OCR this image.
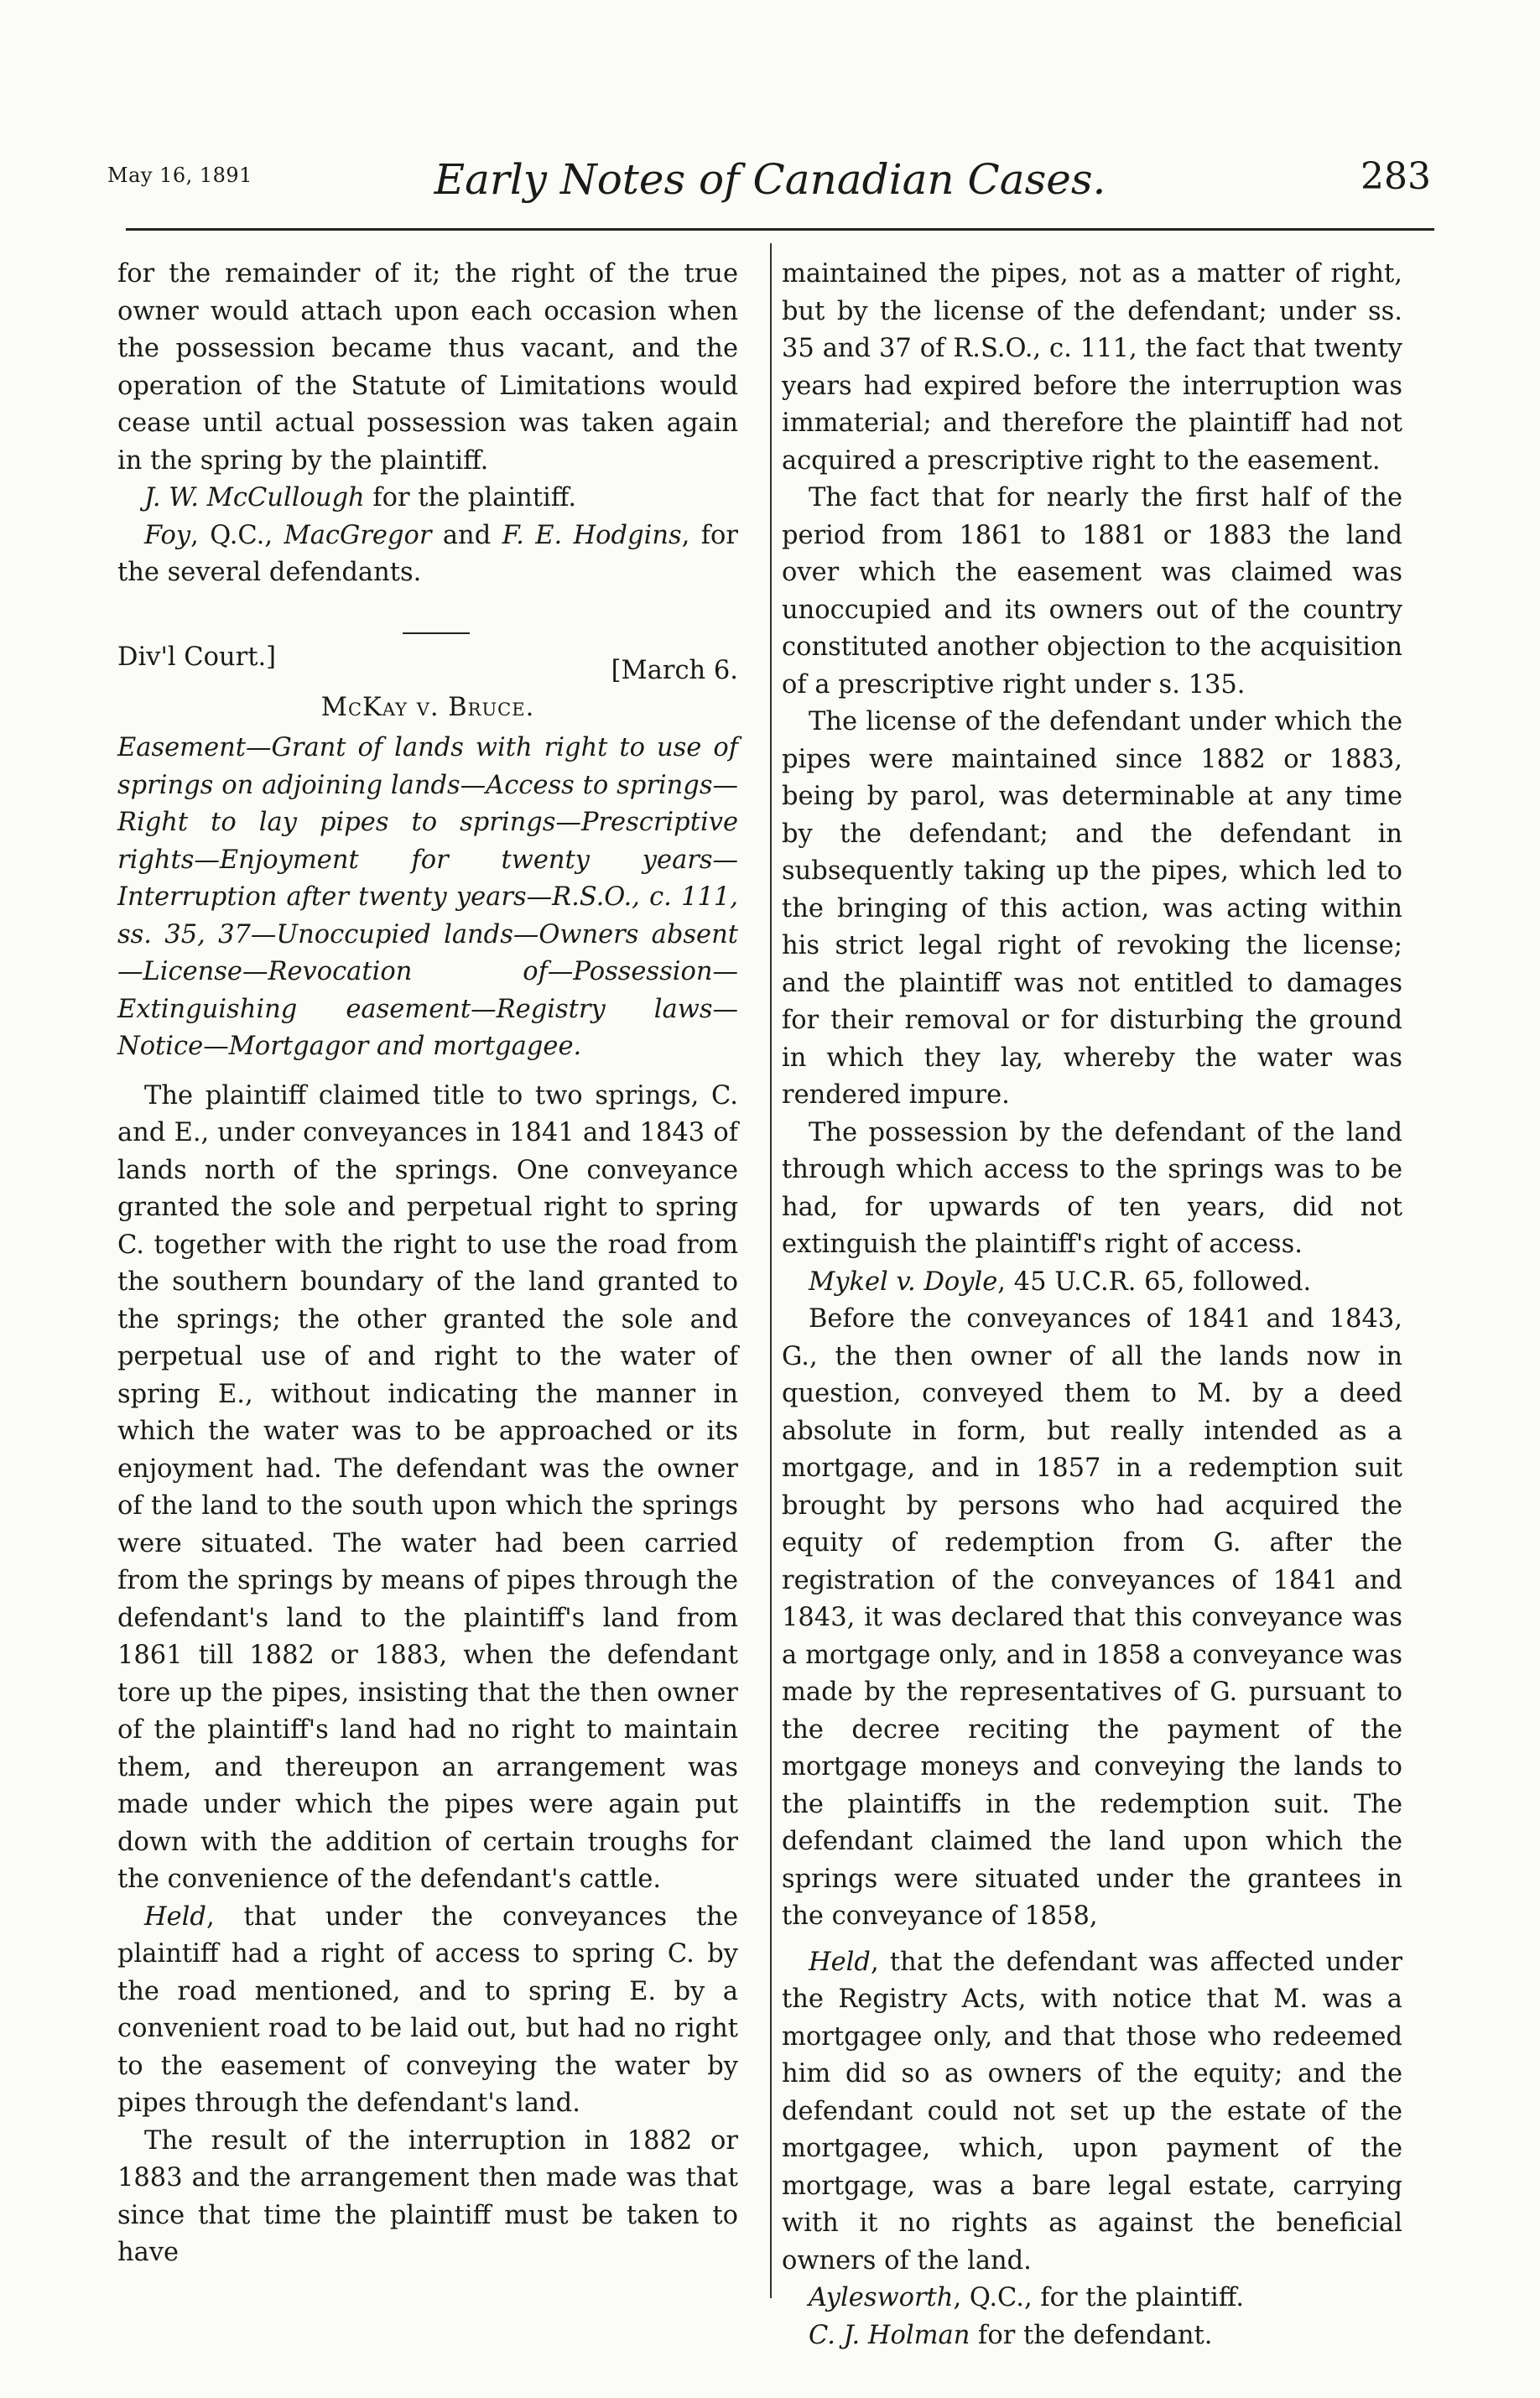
May 16, 1891	Early Notes of Canadian Cases.	283

for the remainder of it; the right of the true owner would attach upon each occasion when the possession became thus vacant, and the operation of the Statute of Limitations would cease until actual possession was taken again in the spring by the plaintiff.

J. W. McCullough for the plaintiff.

Foy, Q.C., MacGregor and F. E. Hodgins, for the several defendants.

Div'l Court.]	[March 6.
McKay v. Bruce.

Easement—Grant of lands with right to use of springs on adjoining lands—Access to springs—Right to lay pipes to springs—Prescriptive rights—Enjoyment for twenty years—Interruption after twenty years—R.S.O., c. 111, ss. 35, 37—Unoccupied lands—Owners absent—License—Revocation of—Possession—Extinguishing easement—Registry laws—Notice—Mortgagor and mortgagee.

The plaintiff claimed title to two springs, C. and E., under conveyances in 1841 and 1843 of lands north of the springs. One conveyance granted the sole and perpetual right to spring C. together with the right to use the road from the southern boundary of the land granted to the springs; the other granted the sole and perpetual use of and right to the water of spring E., without indicating the manner in which the water was to be approached or its enjoyment had. The defendant was the owner of the land to the south upon which the springs were situated. The water had been carried from the springs by means of pipes through the defendant's land to the plaintiff's land from 1861 till 1882 or 1883, when the defendant tore up the pipes, insisting that the then owner of the plaintiff's land had no right to maintain them, and thereupon an arrangement was made under which the pipes were again put down with the addition of certain troughs for the convenience of the defendant's cattle.

Held, that under the conveyances the plaintiff had a right of access to spring C. by the road mentioned, and to spring E. by a convenient road to be laid out, but had no right to the easement of conveying the water by pipes through the defendant's land.

The result of the interruption in 1882 or 1883 and the arrangement then made was that since that time the plaintiff must be taken to have

maintained the pipes, not as a matter of right, but by the license of the defendant; under ss. 35 and 37 of R.S.O., c. 111, the fact that twenty years had expired before the interruption was immaterial; and therefore the plaintiff had not acquired a prescriptive right to the easement.

The fact that for nearly the first half of the period from 1861 to 1881 or 1883 the land over which the easement was claimed was unoccupied and its owners out of the country constituted another objection to the acquisition of a prescriptive right under s. 135.

The license of the defendant under which the pipes were maintained since 1882 or 1883, being by parol, was determinable at any time by the defendant; and the defendant in subsequently taking up the pipes, which led to the bringing of this action, was acting within his strict legal right of revoking the license; and the plaintiff was not entitled to damages for their removal or for disturbing the ground in which they lay, whereby the water was rendered impure.

The possession by the defendant of the land through which access to the springs was to be had, for upwards of ten years, did not extinguish the plaintiff's right of access.

Mykel v. Doyle, 45 U.C.R. 65, followed.

Before the conveyances of 1841 and 1843, G., the then owner of all the lands now in question, conveyed them to M. by a deed absolute in form, but really intended as a mortgage, and in 1857 in a redemption suit brought by persons who had acquired the equity of redemption from G. after the registration of the conveyances of 1841 and 1843, it was declared that this conveyance was a mortgage only, and in 1858 a conveyance was made by the representatives of G. pursuant to the decree reciting the payment of the mortgage moneys and conveying the lands to the plaintiffs in the redemption suit. The defendant claimed the land upon which the springs were situated under the grantees in the conveyance of 1858,

Held, that the defendant was affected under the Registry Acts, with notice that M. was a mortgagee only, and that those who redeemed him did so as owners of the equity; and the defendant could not set up the estate of the mortgagee, which, upon payment of the mortgage, was a bare legal estate, carrying with it no rights as against the beneficial owners of the land.

Aylesworth, Q.C., for the plaintiff.

C. J. Holman for the defendant.
